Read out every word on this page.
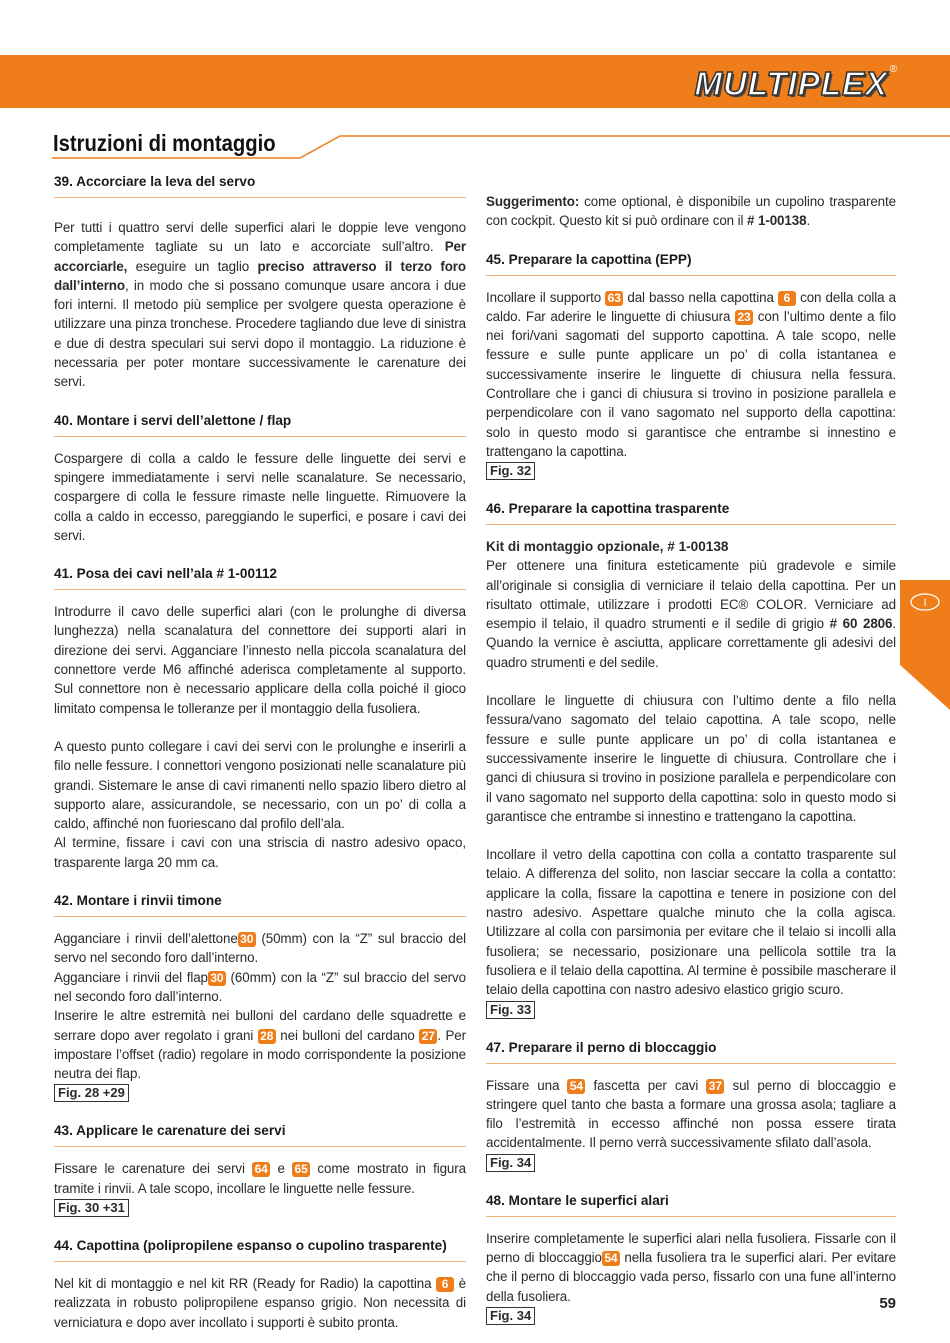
MULTIPLEX ®
Istruzioni di montaggio
39. Accorciare la leva del servo

Per tutti i quattro servi delle superfici alari le doppie leve vengono completamente tagliate su un lato e accorciate sull’altro. Per accorciarle, eseguire un taglio preciso attraverso il terzo foro dall’interno, in modo che si possano comunque usare ancora i due fori interni. Il metodo più semplice per svolgere questa operazione è utilizzare una pinza tronchese. Procedere tagliando due leve di sinistra e due di destra speculari sui servi dopo il montaggio. La riduzione è necessaria per poter montare successivamente le carenature dei servi.

40. Montare i servi dell’alettone / flap

Cospargere di colla a caldo le fessure delle linguette dei servi e spingere immediatamente i servi nelle scanalature. Se necessario, cospargere di colla le fessure rimaste nelle linguette. Rimuovere la colla a caldo in eccesso, pareggiando le superfici, e posare i cavi dei servi.

41. Posa dei cavi nell’ala # 1-00112

Introdurre il cavo delle superfici alari (con le prolunghe di diversa lunghezza) nella scanalatura del connettore dei supporti alari in direzione dei servi. Agganciare l’innesto nella piccola scanalatura del connettore verde M6 affinché aderisca completamente al supporto. Sul connettore non è necessario applicare della colla poiché il gioco limitato compensa le tolleranze per il montaggio della fusoliera.

A questo punto collegare i cavi dei servi con le prolunghe e inserirli a filo nelle fessure. I connettori vengono posizionati nelle scanalature più grandi. Sistemare le anse di cavi rimanenti nello spazio libero dietro al supporto alare, assicurandole, se necessario, con un po’ di colla a caldo, affinché non fuoriescano dal profilo dell’ala.

Al termine, fissare i cavi con una striscia di nastro adesivo opaco, trasparente larga 20 mm ca.

42. Montare i rinvii timone

Agganciare i rinvii dell’alettone 30 (50mm) con la “Z” sul braccio del servo nel secondo foro dall’interno.

Agganciare i rinvii del flap 30 (60mm) con la “Z” sul braccio del servo nel secondo foro dall’interno.

Inserire le altre estremità nei bulloni del cardano delle squadrette e serrare dopo aver regolato i grani 28 nei bulloni del cardano 27 . Per impostare l’offset (radio) regolare in modo corrispondente la posizione neutra dei flap.

Fig. 28 +29
43. Applicare le carenature dei servi

Fissare le carenature dei servi 64 e 65 come mostrato in figura tramite i rinvii. A tale scopo, incollare le linguette nelle fessure.

Fig. 30 +31
44. Capottina (polipropilene espanso o cupolino trasparente)

Nel kit di montaggio e nel kit RR (Ready for Radio) la capottina 6 è realizzata in robusto polipropilene espanso grigio. Non necessita di verniciatura e dopo aver incollato i supporti è subito pronta.

Suggerimento: come optional, è disponibile un cupolino trasparente con cockpit. Questo kit si può ordinare con il # 1-00138.

45. Preparare la capottina (EPP)

Incollare il supporto 63 dal basso nella capottina 6 con della colla a caldo. Far aderire le linguette di chiusura 23 con l’ultimo dente a filo nei fori/vani sagomati del supporto capottina. A tale scopo, nelle fessure e sulle punte applicare un po’ di colla istantanea e successivamente inserire le linguette di chiusura nella fessura. Controllare che i ganci di chiusura si trovino in posizione parallela e perpendicolare con il vano sagomato nel supporto della capottina: solo in questo modo si garantisce che entrambe si innestino e trattengano la capottina.

Fig. 32
46. Preparare la capottina trasparente
Kit di montaggio opzionale, # 1-00138

Per ottenere una finitura esteticamente più gradevole e simile all’originale si consiglia di verniciare il telaio della capottina. Per un risultato ottimale, utilizzare i prodotti EC® COLOR. Verniciare ad esempio il telaio, il quadro strumenti e il sedile di grigio # 60 2806. Quando la vernice è asciutta, applicare correttamente gli adesivi del quadro strumenti e del sedile.

Incollare le linguette di chiusura con l’ultimo dente a filo nella fessura/vano sagomato del telaio capottina. A tale scopo, nelle fessure e sulle punte applicare un po’ di colla istantanea e successivamente inserire le linguette di chiusura. Controllare che i ganci di chiusura si trovino in posizione parallela e perpendicolare con il vano sagomato nel supporto della capottina: solo in questo modo si garantisce che entrambe si innestino e trattengano la capottina.

Incollare il vetro della capottina con colla a contatto trasparente sul telaio. A differenza del solito, non lasciar seccare la colla a contatto: applicare la colla, fissare la capottina e tenere in posizione con del nastro adesivo. Aspettare qualche minuto che la colla agisca. Utilizzare al colla con parsimonia per evitare che il telaio si incolli alla fusoliera; se necessario, posizionare una pellicola sottile tra la fusoliera e il telaio della capottina. Al termine è possibile mascherare il telaio della capottina con nastro adesivo elastico grigio scuro.

Fig. 33
47. Preparare il perno di bloccaggio

Fissare una 54 fascetta per cavi 37 sul perno di bloccaggio e stringere quel tanto che basta a formare una grossa asola; tagliare a filo l’estremità in eccesso affinché non possa essere tirata accidentalmente. Il perno verrà successivamente sfilato dall’asola.

Fig. 34
48. Montare le superfici alari

Inserire completamente le superfici alari nella fusoliera. Fissarle con il perno di bloccaggio 54 nella fusoliera tra le superfici alari. Per evitare che il perno di bloccaggio vada perso, fissarlo con una fune all’interno della fusoliera.

Fig. 34
I
59
